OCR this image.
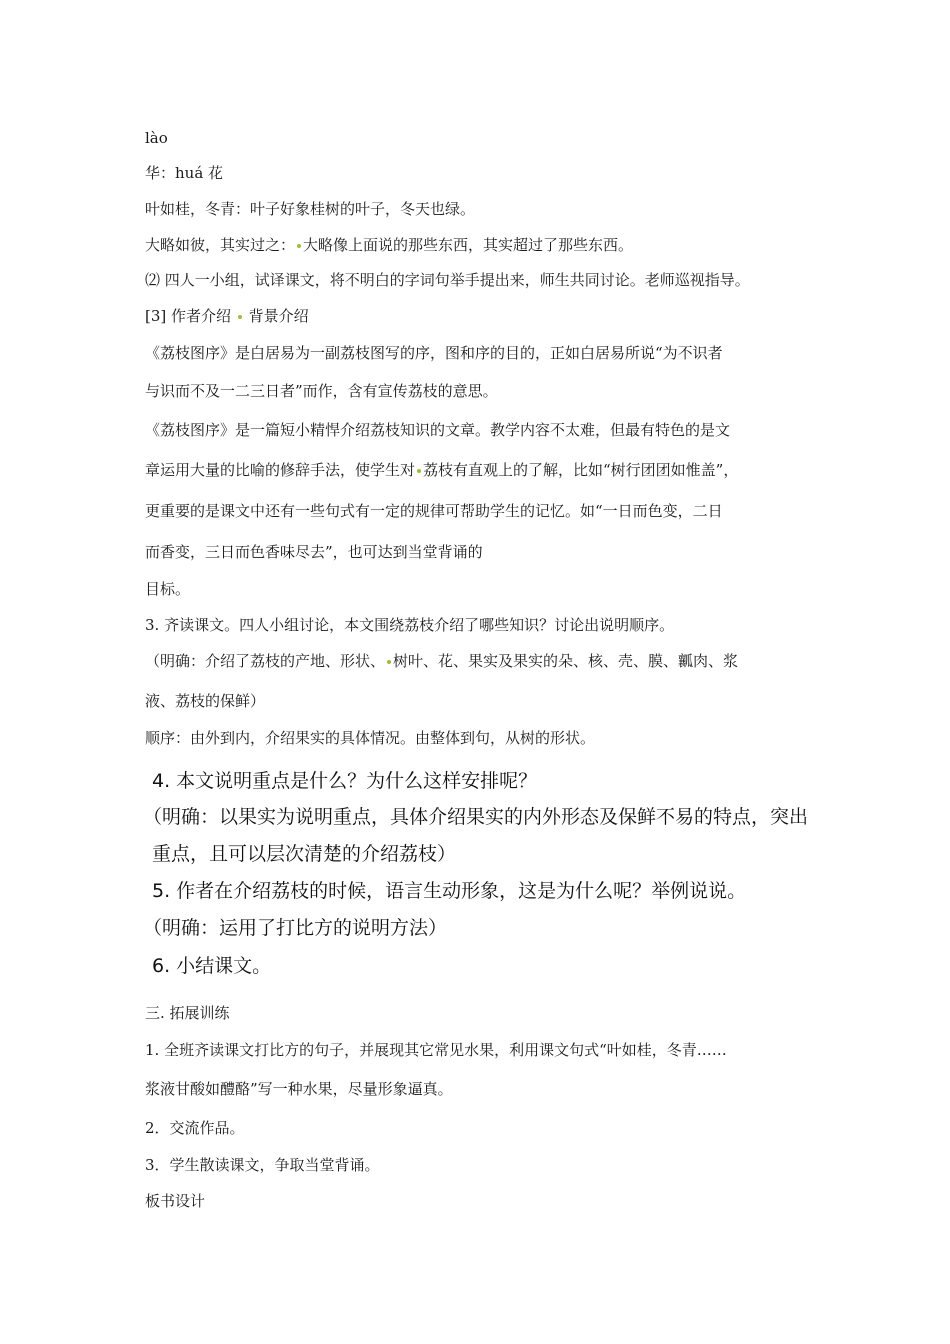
lào
华：huá 花
叶如桂，冬青：叶子好象桂树的叶子，冬天也绿。
大略如彼，其实过之： 大略像上面说的那些东西，其实超过了那些东西。
⑵ 四人一小组，试译课文，将不明白的字词句举手提出来，师生共同讨论。老师巡视指导。
[3] 作者介绍 背景介绍
《荔枝图序》是白居易为一副荔枝图写的序，图和序的目的，正如白居易所说“为不识者
与识而不及一二三日者”而作，含有宣传荔枝的意思。
《荔枝图序》是一篇短小精悍介绍荔枝知识的文章。教学内容不太难，但最有特色的是文
章运用大量的比喻的修辞手法，使学生对 荔枝有直观上的了解，比如“树行团团如惟盖”，
更重要的是课文中还有一些句式有一定的规律可帮助学生的记忆。如“一日而色变，二日
而香变，三日而色香味尽去”，也可达到当堂背诵的
目标。
3. 齐读课文。四人小组讨论，本文围绕荔枝介绍了哪些知识？讨论出说明顺序。
（明确：介绍了荔枝的产地、形状、 树叶、花、果实及果实的朵、核、壳、膜、瓤肉、浆
液、荔枝的保鲜）
顺序：由外到内，介绍果实的具体情况。由整体到句，从树的形状。
4. 本文说明重点是什么？为什么这样安排呢？
（明确：以果实为说明重点，具体介绍果实的内外形态及保鲜不易的特点，突出
重点，且可以层次清楚的介绍荔枝）
5. 作者在介绍荔枝的时候，语言生动形象，这是为什么呢？举例说说。
（明确：运用了打比方的说明方法）
6. 小结课文。
三. 拓展训练
1. 全班齐读课文打比方的句子，并展现其它常见水果，利用课文句式“叶如桂，冬青……
浆液甘酸如醴酪”写一种水果，尽量形象逼真。
2．交流作品。
3．学生散读课文，争取当堂背诵。
板书设计
